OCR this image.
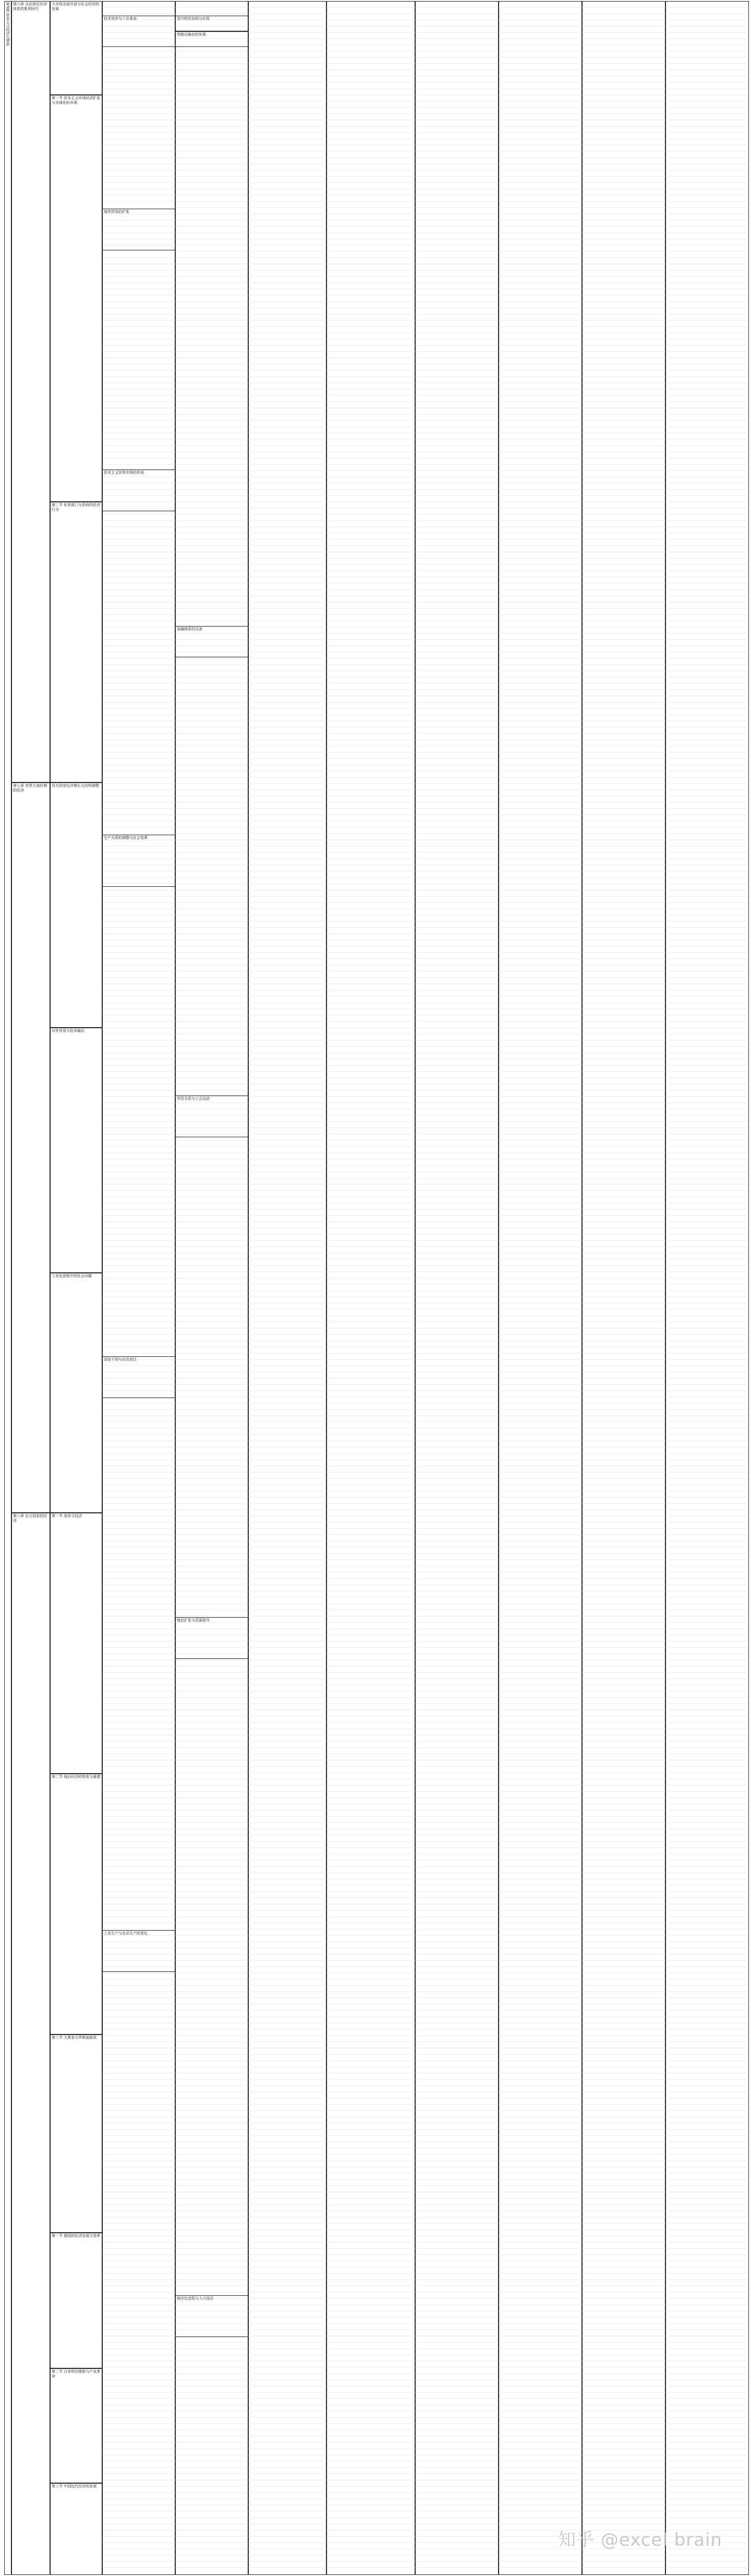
第5篇 资本主义经济大萧条 第六章 自由放任经济体系的胜利时代
第七章 世界大战时期的经济
第八章 东方国家的经济
大市场全面开放与社会经济的发展
第一节 资本主义市场经济扩张与全球化的开端
第二节 私营部门与政府的经济行为
西方国家经济增长与结构调整
对外贸易与资本输出
工业化进程中的社会问题
第一节 战争与经济
第二节 战后经济的恢复与重建
第三节 大萧条与罗斯福新政
第一节 俄国的经济发展与变革
第二节 日本明治维新与产业革命
第三节 中国近代经济的发展
技术进步与工业革命	蒸汽机的发明与应用
铁路运输业的发展
海外贸易的扩张
资本主义世界市场的形成
金融体系的完善
生产关系的调整与社会变革
劳资关系与工会运动
国家干预与自由放任
殖民扩张与资源掠夺
工业生产与农业生产的变化
城市化进程与人口流动
知乎 @excel brain
